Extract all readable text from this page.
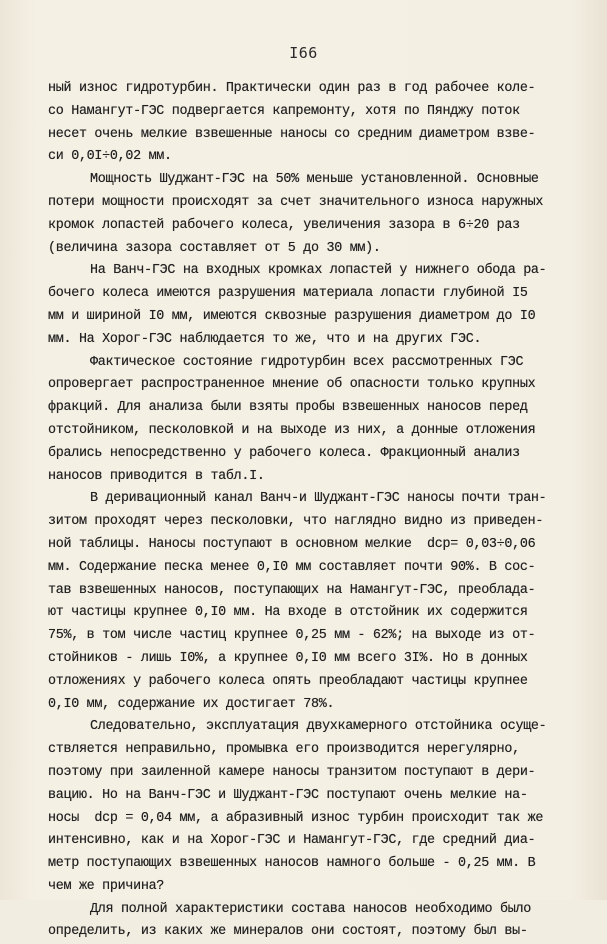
I66
ный износ гидротурбин. Практически один раз в год рабочее коле-
со Намангут-ГЭС подвергается капремонту, хотя по Пянджу поток
несет очень мелкие взвешенные наносы со средним диаметром взве-
си 0,0I÷0,02 мм.
Мощность Шуджант-ГЭС на 50% меньше установленной. Основные
потери мощности происходят за счет значительного износа наружных
кромок лопастей рабочего колеса, увеличения зазора в 6÷20 раз
(величина зазора составляет от 5 до 30 мм).
На Ванч-ГЭС на входных кромках лопастей у нижнего обода ра-
бочего колеса имеются разрушения материала лопасти глубиной I5
мм и шириной I0 мм, имеются сквозные разрушения диаметром до I0
мм. На Хорог-ГЭС наблюдается то же, что и на других ГЭС.
Фактическое состояние гидротурбин всех рассмотренных ГЭС
опровергает распространенное мнение об опасности только крупных
фракций. Для анализа были взяты пробы взвешенных наносов перед
отстойником, песколовкой и на выходе из них, а донные отложения
брались непосредственно у рабочего колеса. Фракционный анализ
наносов приводится в табл.I.
В деривационный канал Ванч-и Шуджант-ГЭС наносы почти тран-
зитом проходят через песколовки, что наглядно видно из приведен-
ной таблицы. Наносы поступают в основном мелкие  dср= 0,03÷0,06
мм. Содержание песка менее 0,I0 мм составляет почти 90%. В сос-
тав взвешенных наносов, поступающих на Намангут-ГЭС, преоблада-
ют частицы крупнее 0,I0 мм. На входе в отстойник их содержится
75%, в том числе частиц крупнее 0,25 мм - 62%; на выходе из от-
стойников - лишь I0%, а крупнее 0,I0 мм всего 3I%. Но в донных
отложениях у рабочего колеса опять преобладают частицы крупнее
0,I0 мм, содержание их достигает 78%.
Следовательно, эксплуатация двухкамерного отстойника осуще-
ствляется неправильно, промывка его производится нерегулярно,
поэтому при заиленной камере наносы транзитом поступают в дери-
вацию. Но на Ванч-ГЭС и Шуджант-ГЭС поступают очень мелкие на-
носы  dср = 0,04 мм, а абразивный износ турбин происходит так же
интенсивно, как и на Хорог-ГЭС и Намангут-ГЭС, где средний диа-
метр поступающих взвешенных наносов намного больше - 0,25 мм. В
чем же причина?
Для полной характеристики состава наносов необходимо было
определить, из каких же минералов они состоят, поэтому был вы-
